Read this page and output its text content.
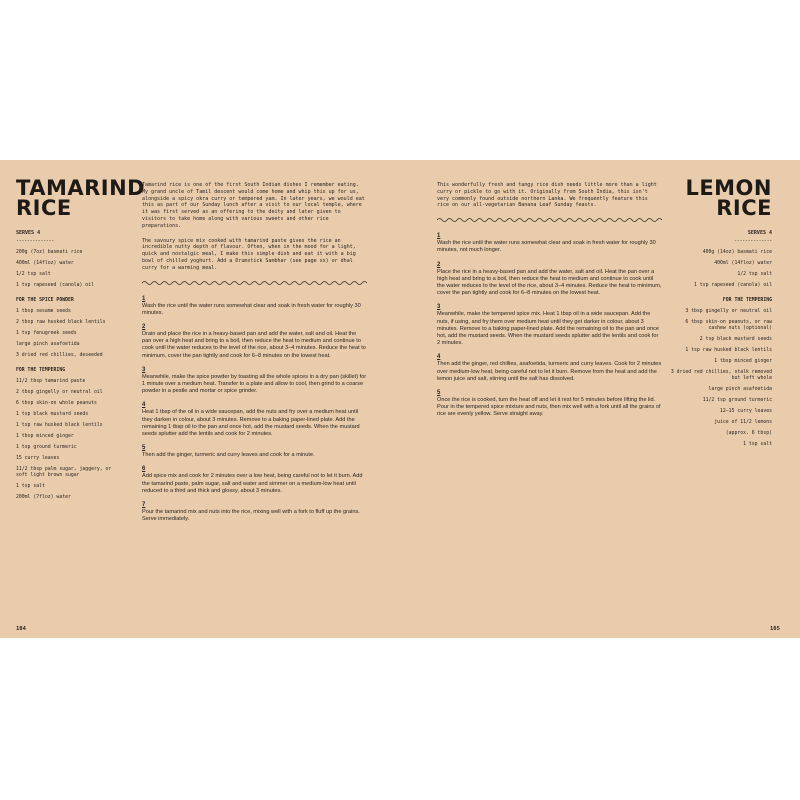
TAMARIND
RICE
SERVES 4
--------------

200g (7oz) basmati rice

400ml (14floz) water

1/2 tsp salt

1 tsp rapeseed (canola) oil

FOR THE SPICE POWDER

1 tbsp sesame seeds

2 tbsp raw husked black lentils

1 tsp fenugreek seeds

large pinch asafoetida

3 dried red chillies, deseeded

FOR THE TEMPERING

11/2 tbsp tamarind paste

2 tbsp gingelly or neutral oil

6 tbsp skin-on whole peanuts

1 tsp black mustard seeds

1 tsp raw husked black lentils

1 tbsp minced ginger

1 tsp ground turmeric

15 curry leaves

11/2 tbsp palm sugar, jaggery, or soft light brown sugar

1 tsp salt

200ml (7floz) water

Tamarind rice is one of the first South Indian dishes I remember eating. My grand uncle of Tamil descent would come home and whip this up for us, alongside a spicy okra curry or tempered yam. In later years, we would eat this as part of our Sunday lunch after a visit to our local temple, where it was first served as an offering to the deity and later given to visitors to take home along with various sweets and other rice preparations.

The savoury spice mix cooked with tamarind paste gives the rice an incredible nutty depth of flavour. Often, when in the mood for a light, quick and nostalgic meal, I make this simple dish and eat it with a big bowl of chilled yoghurt. Add a Drumstick Sambhar (see page xx) or dhal curry for a warming meal.

1

Wash the rice until the water runs somewhat clear and soak in fresh water for roughly 30 minutes.

2

Drain and place the rice in a heavy-based pan and add the water, salt and oil. Heat the pan over a high heat and bring to a boil, then reduce the heat to medium and continue to cook until the water reduces to the level of the rice, about 3–4 minutes. Reduce the heat to minimum, cover the pan tightly and cook for 6–8 minutes on the lowest heat.

3

Meanwhile, make the spice powder by toasting all the whole spices in a dry pan (skillet) for 1 minute over a medium heat. Transfer to a plate and allow to cool, then grind to a coarse powder in a pestle and mortar or spice grinder.

4

Heat 1 tbsp of the oil in a wide saucepan, add the nuts and fry over a medium heat until they darken in colour, about 3 minutes. Remove to a baking paper-lined plate. Add the remaining 1 tbsp oil to the pan and once hot, add the mustard seeds. When the mustard seeds splutter add the lentils and cook for 2 minutes.

5

Then add the ginger, turmeric and curry leaves and cook for a minute.

6

Add spice mix and cook for 2 minutes over a low heat, being careful not to let it burn. Add the tamarind paste, palm sugar, salt and water and simmer on a medium-low heat until reduced to a third and thick and glossy, about 3 minutes.

7

Pour the tamarind mix and nuts into the rice, mixing well with a fork to fluff up the grains. Serve immediately.

104

This wonderfully fresh and tangy rice dish needs little more than a light curry or pickle to go with it. Originally from South India, this isn't very commonly found outside northern Lanka. We frequently feature this rice on our all-vegetarian Banana Leaf Sunday feasts.

1

Wash the rice until the water runs somewhat clear and soak in fresh water for roughly 30 minutes, not much longer.

2

Place the rice in a heavy-based pan and add the water, salt and oil. Heat the pan over a high heat and bring to a boil, then reduce the heat to medium and continue to cook until the water reduces to the level of the rice, about 3–4 minutes. Reduce the heat to minimum, cover the pan tightly and cook for 6–8 minutes on the lowest heat.

3

Meanwhile, make the tempered spice mix. Heat 1 tbsp oil in a wide saucepan. Add the nuts, if using, and fry them over medium heat until they get darker in colour, about 3 minutes. Remove to a baking paper-lined plate. Add the remaining oil to the pan and once hot, add the mustard seeds. When the mustard seeds splutter add the lentils and cook for 2 minutes.

4

Then add the ginger, red chillies, asafoetida, turmeric and curry leaves. Cook for 2 minutes over medium-low heat, being careful not to let it burn. Remove from the heat and add the lemon juice and salt, stirring until the salt has dissolved.

5

Once the rice is cooked, turn the heat off and let it rest for 5 minutes before lifting the lid. Pour in the tempered spice mixture and nuts, then mix well with a fork until all the grains of rice are evenly yellow. Serve straight away.

LEMON
RICE
SERVES 4
--------------

400g (14oz) basmati rice

400ml (14floz) water

1/2 tsp salt

1 tsp rapeseed (canola) oil

FOR THE TEMPERING

3 tbsp gingelly or neutral oil

6 tbsp skin-on peanuts, or raw cashew nuts (optional)

2 tsp black mustard seeds

1 tsp raw husked black lentils

1 tbsp minced ginger

3 dried red chillies, stalk removed but left whole

large pinch asafoetida

11/2 tsp ground turmeric

12–15 curry leaves

juice of 11/2 lemons

(approx. 6 tbsp)

1 tsp salt

105
